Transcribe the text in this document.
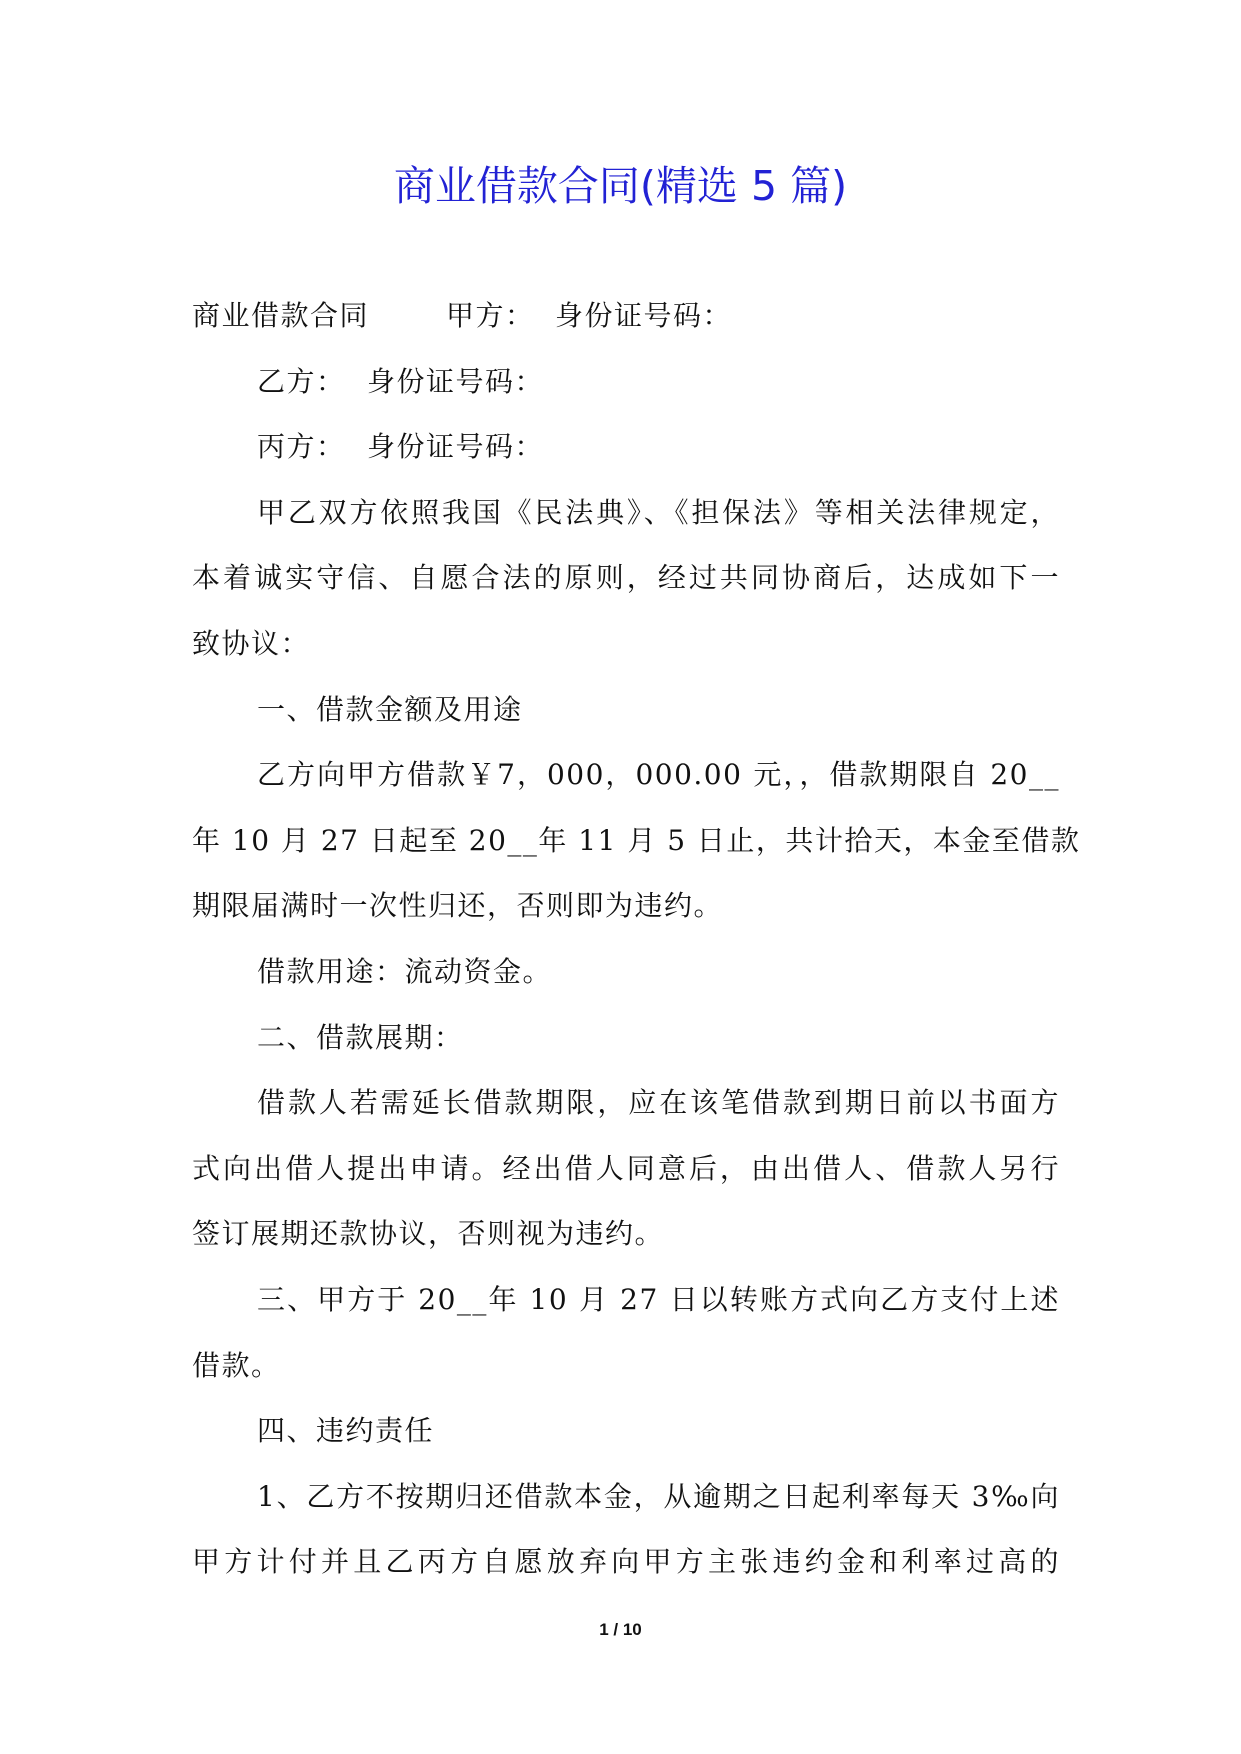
商业借款合同(精选 5 篇)
商业借款合同	甲方： 身份证号码：
乙方： 身份证号码：
丙方： 身份证号码：
甲乙双方依照我国《民法典》、《担保法》等相关法律规定，
本着诚实守信、自愿合法的原则，经过共同协商后，达成如下一
致协议：
一、借款金额及用途
乙方向甲方借款￥7，000，000.00 元，，借款期限自 20__
年 10 月 27 日起至 20__年 11 月 5 日止，共计拾天，本金至借款
期限届满时一次性归还，否则即为违约。
借款用途：流动资金。
二、借款展期：
借款人若需延长借款期限，应在该笔借款到期日前以书面方
式向出借人提出申请。经出借人同意后，由出借人、借款人另行
签订展期还款协议，否则视为违约。
三、甲方于 20__年 10 月 27 日以转账方式向乙方支付上述
借款。
四、违约责任
1、乙方不按期归还借款本金，从逾期之日起利率每天 3‰向
甲方计付并且乙丙方自愿放弃向甲方主张违约金和利率过高的
1 / 10
